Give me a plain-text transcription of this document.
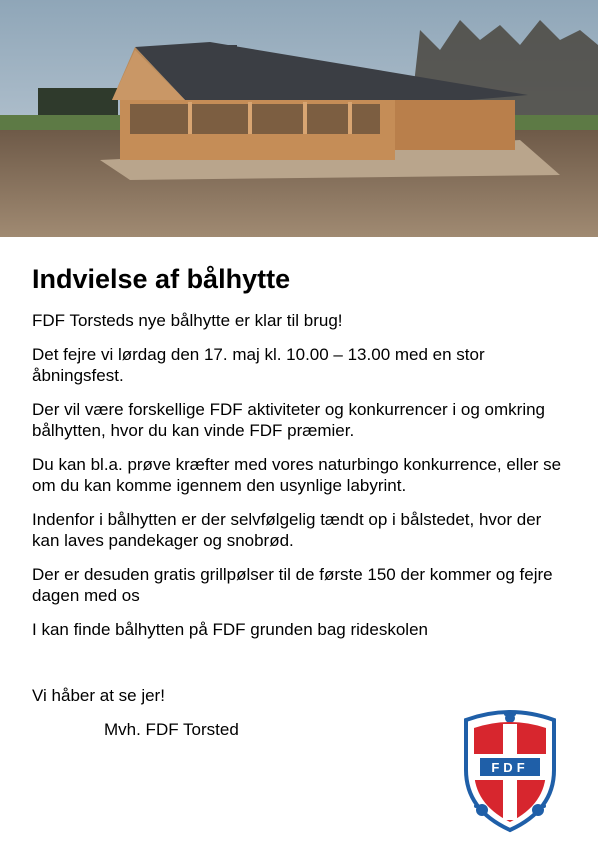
Indvielse af bålhytte

FDF Torsteds nye bålhytte er klar til brug!

Det fejre vi lørdag den 17. maj kl. 10.00 – 13.00 med en stor åbningsfest.

Der vil være forskellige FDF aktiviteter og konkurrencer i og omkring bålhytten, hvor du kan vinde FDF præmier.

Du kan bl.a. prøve kræfter med vores naturbingo konkurrence, eller se om du kan komme igennem den usynlige labyrint.

Indenfor i bålhytten er der selvfølgelig tændt op i bålstedet, hvor der kan laves pandekager og snobrød.

Der er desuden gratis grillpølser til de første 150 der kommer og fejre dagen med os

I kan finde bålhytten på FDF grunden bag rideskolen

Vi håber at se jer!

Mvh. FDF Torsted

FDF
